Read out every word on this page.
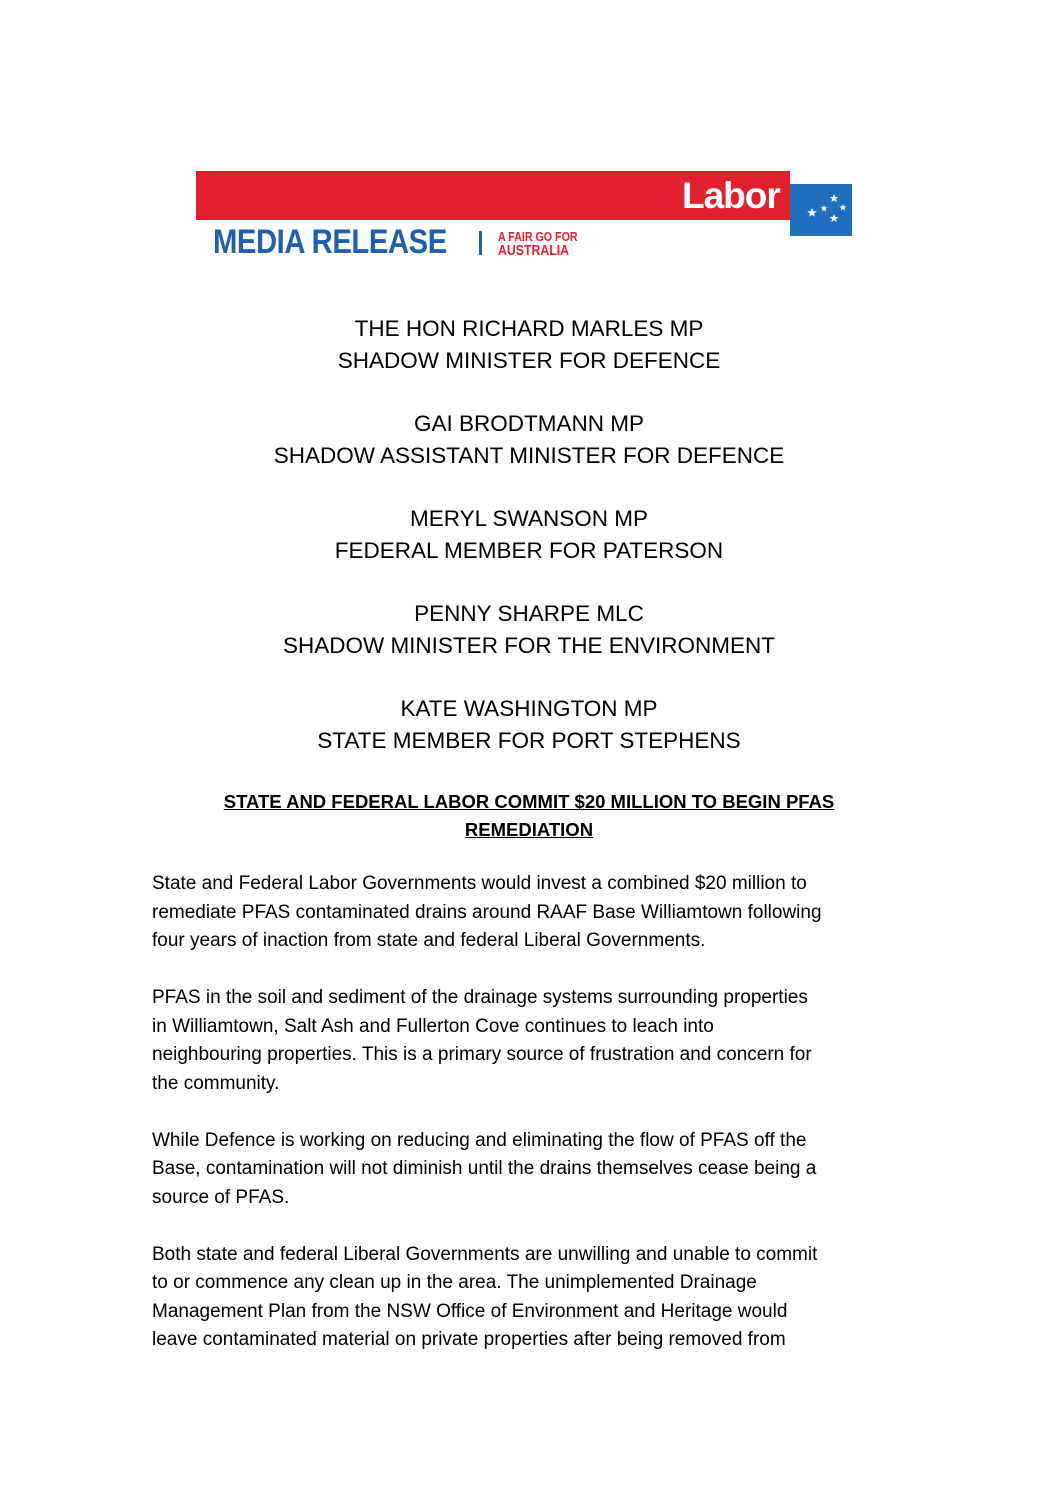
Labor
MEDIA RELEASE	A FAIR GO FOR
AUSTRALIA
THE HON RICHARD MARLES MP
SHADOW MINISTER FOR DEFENCE
GAI BRODTMANN MP
SHADOW ASSISTANT MINISTER FOR DEFENCE
MERYL SWANSON MP
FEDERAL MEMBER FOR PATERSON
PENNY SHARPE MLC
SHADOW MINISTER FOR THE ENVIRONMENT
KATE WASHINGTON MP
STATE MEMBER FOR PORT STEPHENS
STATE AND FEDERAL LABOR COMMIT $20 MILLION TO BEGIN PFAS
REMEDIATION

State and Federal Labor Governments would invest a combined $20 million to
remediate PFAS contaminated drains around RAAF Base Williamtown following
four years of inaction from state and federal Liberal Governments.

PFAS in the soil and sediment of the drainage systems surrounding properties
in Williamtown, Salt Ash and Fullerton Cove continues to leach into
neighbouring properties. This is a primary source of frustration and concern for
the community.

While Defence is working on reducing and eliminating the flow of PFAS off the
Base, contamination will not diminish until the drains themselves cease being a
source of PFAS.

Both state and federal Liberal Governments are unwilling and unable to commit
to or commence any clean up in the area. The unimplemented Drainage
Management Plan from the NSW Office of Environment and Heritage would
leave contaminated material on private properties after being removed from
